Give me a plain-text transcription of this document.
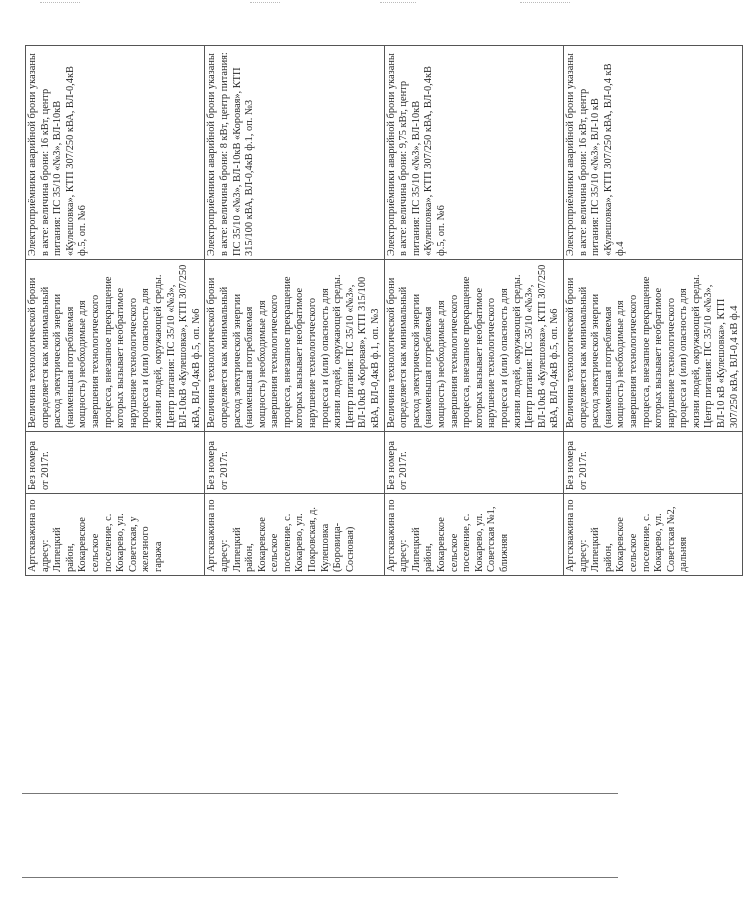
Артскважина по адресу: Липецкий район, Кокаревское сельское поселение, с. Кокарево, ул. Советская, у железного гаража	Без номера от 2017г.	Величина технологической брони определяется как минимальный расход электрической энергии (наименьшая потребляемая мощность) необходимые для завершения технологического процесса, внезапное прекращение которых вызывает необратимое нарушение технологического процесса и (или) опасность для жизни людей, окружающей среды. Центр питания: ПС 35/10 «№3», ВЛ-10кВ «Кулешовка», КТП 307/250 кВА, ВЛ-0,4кВ ф.5, оп. №6	Электроприёмники аварийной брони указаны в акте: величина брони: 16 кВт, центр питания: ПС 35/10 «№3», ВЛ-10кВ «Кулешовка», КТП 307/250 кВА, ВЛ-0,4кВ ф.5, оп. №6
Артскважина по адресу: Липецкий район, Кокаревское сельское поселение, с. Кокарево, ул. Покровская, д. Кулешовка (Боровица-Сосновая)	Без номера от 2017г.	Величина технологической брони определяется как минимальный расход электрической энергии (наименьшая потребляемая мощность) необходимые для завершения технологического процесса, внезапное прекращение которых вызывает необратимое нарушение технологического процесса и (или) опасность для жизни людей, окружающей среды. Центр питания: ПС 35/10 «№3», ВЛ-10кВ «Коровая», КТП 315/100 кВА, ВЛ-0,4кВ ф.1, оп. №3	Электроприёмники аварийной брони указаны в акте: величина брони: 8 кВт, центр питания: ПС 35/10 «№3», ВЛ-10кВ «Коровая», КТП 315/100 кВА, ВЛ-0,4кВ ф.1, оп. №3
Артскважина по адресу: Липецкий район, Кокаревское сельское поселение, с. Кокарево, ул. Советская №1, ближняя	Без номера от 2017г.	Величина технологической брони определяется как минимальный расход электрической энергии (наименьшая потребляемая мощность) необходимые для завершения технологического процесса, внезапное прекращение которых вызывает необратимое нарушение технологического процесса и (или) опасность для жизни людей, окружающей среды. Центр питания: ПС 35/10 «№3», ВЛ-10кВ «Кулешовка», КТП 307/250 кВА, ВЛ-0,4кВ ф.5, оп. №6	Электроприёмники аварийной брони указаны в акте: величина брони: 9,75 кВт, центр питания: ПС 35/10 «№3», ВЛ-10кВ «Кулешовка», КТП 307/250 кВА, ВЛ-0,4кВ ф.5, оп. №6
Артскважина по адресу: Липецкий район, Кокаревское сельское поселение, с. Кокарево, ул. Советская №2, дальняя	Без номера от 2017г.	Величина технологической брони определяется как минимальный расход электрической энергии (наименьшая потребляемая мощность) необходимые для завершения технологического процесса, внезапное прекращение которых вызывает необратимое нарушение технологического процесса и (или) опасность для жизни людей, окружающей среды. Центр питания: ПС 35/10 «№3», ВЛ-10 кВ «Кулешовка», КТП 307/250 кВА, ВЛ-0,4 кВ ф.4	Электроприёмники аварийной брони указаны в акте: величина брони: 16 кВт, центр питания: ПС 35/10 «№3», ВЛ-10 кВ «Кулешовка», КТП 307/250 кВА, ВЛ-0,4 кВ ф.4
